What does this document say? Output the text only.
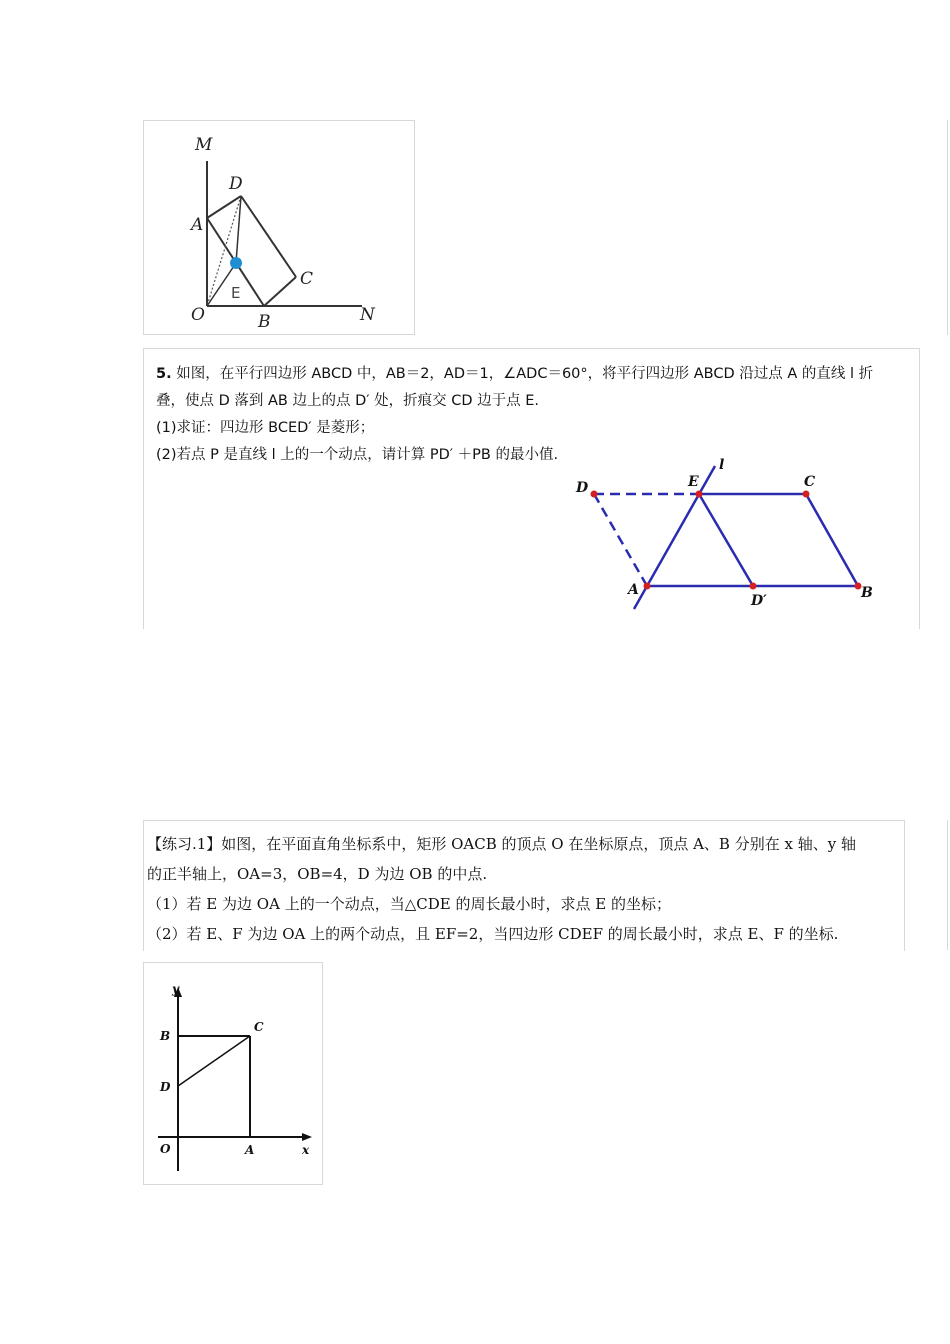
M
D
A
C
E
O	B	N

5. 如图，在平行四边形 ABCD 中，AB＝2，AD＝1，∠ADC＝60°，将平行四边形 ABCD 沿过点 A 的直线 l 折

叠，使点 D 落到 AB 边上的点 D′ 处，折痕交 CD 边于点 E.

(1)求证：四边形 BCED′ 是菱形；

(2)若点 P 是直线 l 上的一个动点，请计算 PD′ ＋PB 的最小值.

l
D	E	C
A
D′	B

【练习.1】如图，在平面直角坐标系中，矩形 OACB 的顶点 O 在坐标原点，顶点 A、B 分别在 x 轴、y 轴

的正半轴上，OA=3，OB=4，D 为边 OB 的中点.

（1）若 E 为边 OA 上的一个动点，当△CDE 的周长最小时，求点 E 的坐标；

（2）若 E、F 为边 OA 上的两个动点，且 EF=2，当四边形 CDEF 的周长最小时，求点 E、F 的坐标.

y
B
C
D
O	A	x
